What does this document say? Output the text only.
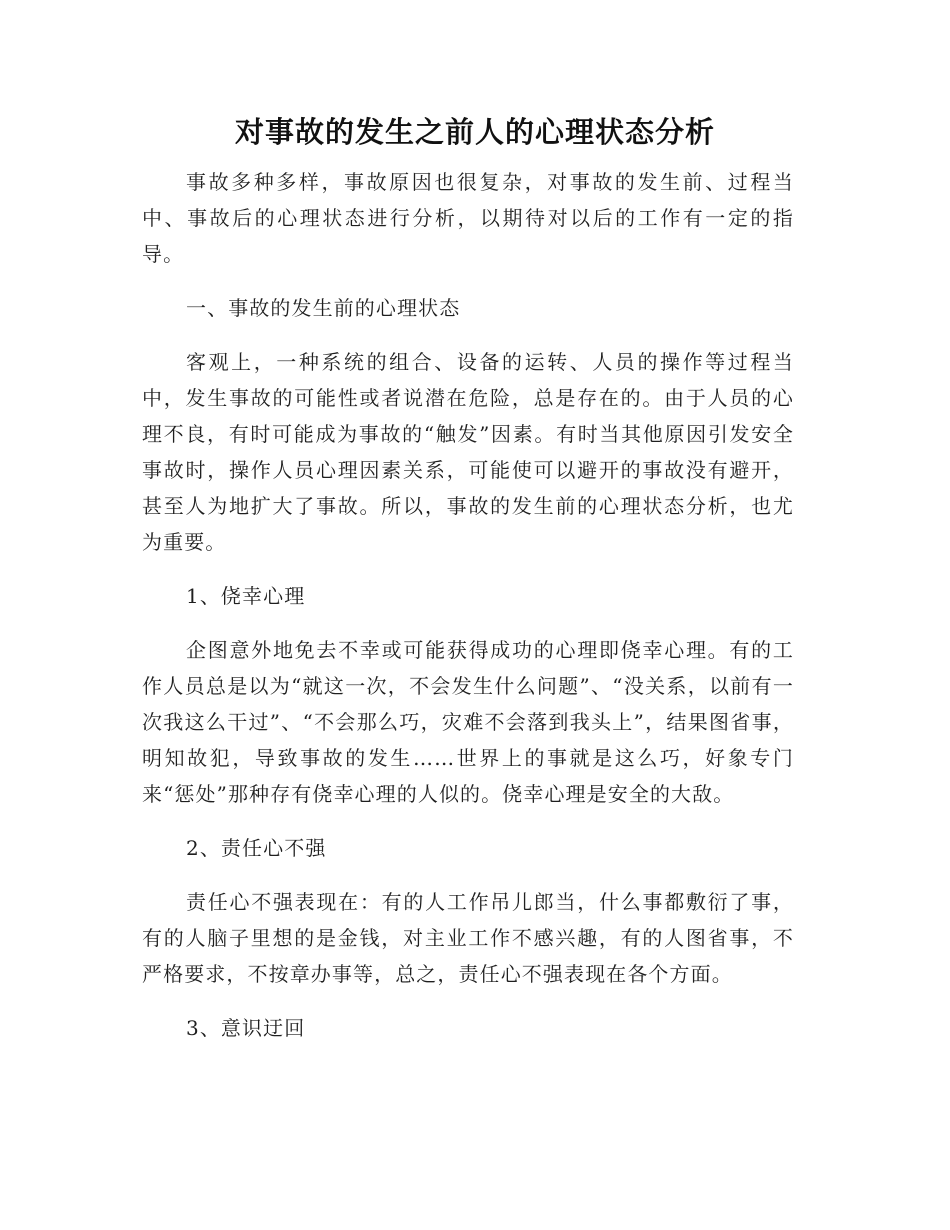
对事故的发生之前人的心理状态分析

事故多种多样，事故原因也很复杂，对事故的发生前、过程当中、事故后的心理状态进行分析，以期待对以后的工作有一定的指导。

一、事故的发生前的心理状态

客观上，一种系统的组合、设备的运转、人员的操作等过程当中，发生事故的可能性或者说潜在危险，总是存在的。由于人员的心理不良，有时可能成为事故的“触发”因素。有时当其他原因引发安全事故时，操作人员心理因素关系，可能使可以避开的事故没有避开，甚至人为地扩大了事故。所以，事故的发生前的心理状态分析，也尤为重要。

1、侥幸心理

企图意外地免去不幸或可能获得成功的心理即侥幸心理。有的工作人员总是以为“就这一次，不会发生什么问题”、“没关系，以前有一次我这么干过”、“不会那么巧，灾难不会落到我头上”，结果图省事，明知故犯，导致事故的发生……世界上的事就是这么巧，好象专门来“惩处”那种存有侥幸心理的人似的。侥幸心理是安全的大敌。

2、责任心不强

责任心不强表现在：有的人工作吊儿郎当，什么事都敷衍了事，有的人脑子里想的是金钱，对主业工作不感兴趣，有的人图省事，不严格要求，不按章办事等，总之，责任心不强表现在各个方面。

3、意识迂回
